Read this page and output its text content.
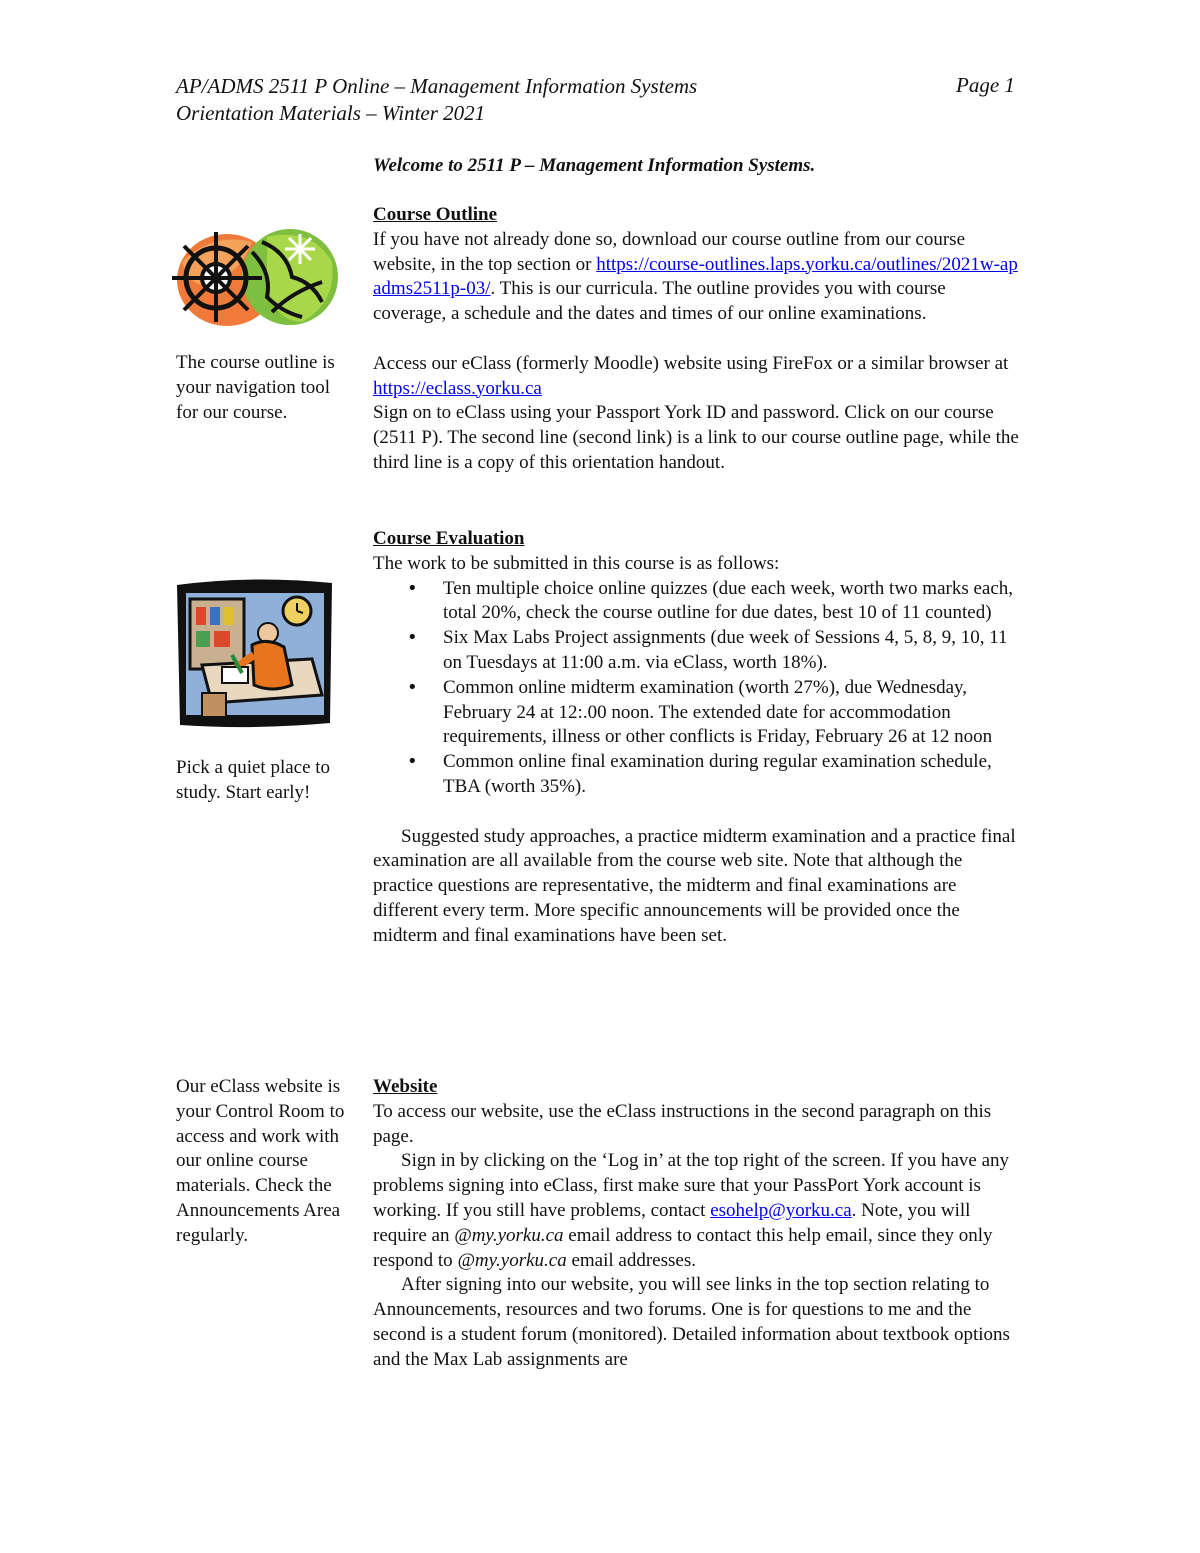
AP/ADMS 2511 P Online – Management Information Systems
Orientation Materials – Winter 2021
Page 1
Welcome to 2511 P – Management Information Systems.

Course Outline

If you have not already done so, download our course outline from our course website, in the top section or https://course-outlines.laps.yorku.ca/outlines/2021w-apadms2511p-03/. This is our curricula. The outline provides you with course coverage, a schedule and the dates and times of our online examinations.

Access our eClass (formerly Moodle) website using FireFox or a similar browser at https://eclass.yorku.ca

Sign on to eClass using your Passport York ID and password. Click on our course (2511 P). The second line (second link) is a link to our course outline page, while the third line is a copy of this orientation handout.

Course Evaluation

The work to be submitted in this course is as follows:

• Ten multiple choice online quizzes (due each week, worth two marks each, total 20%, check the course outline for due dates, best 10 of 11 counted)
• Six Max Labs Project assignments (due week of Sessions 4, 5, 8, 9, 10, 11 on Tuesdays at 11:00 a.m. via eClass, worth 18%).
• Common online midterm examination (worth 27%), due Wednesday, February 24 at 12:.00 noon. The extended date for accommodation requirements, illness or other conflicts is Friday, February 26 at 12 noon
• Common online final examination during regular examination schedule, TBA (worth 35%).

Suggested study approaches, a practice midterm examination and a practice final examination are all available from the course web site. Note that although the practice questions are representative, the midterm and final examinations are different every term. More specific announcements will be provided once the midterm and final examinations have been set.

Website

To access our website, use the eClass instructions in the second paragraph on this page.

Sign in by clicking on the ‘Log in’ at the top right of the screen. If you have any problems signing into eClass, first make sure that your PassPort York account is working. If you still have problems, contact esohelp@yorku.ca. Note, you will require an @my.yorku.ca email address to contact this help email, since they only respond to @my.yorku.ca email addresses.

After signing into our website, you will see links in the top section relating to Announcements, resources and two forums. One is for questions to me and the second is a student forum (monitored). Detailed information about textbook options and the Max Lab assignments are

The course outline is your navigation tool for our course.
Pick a quiet place to study. Start early!
Our eClass website is your Control Room to access and work with our online course materials. Check the Announcements Area regularly.
